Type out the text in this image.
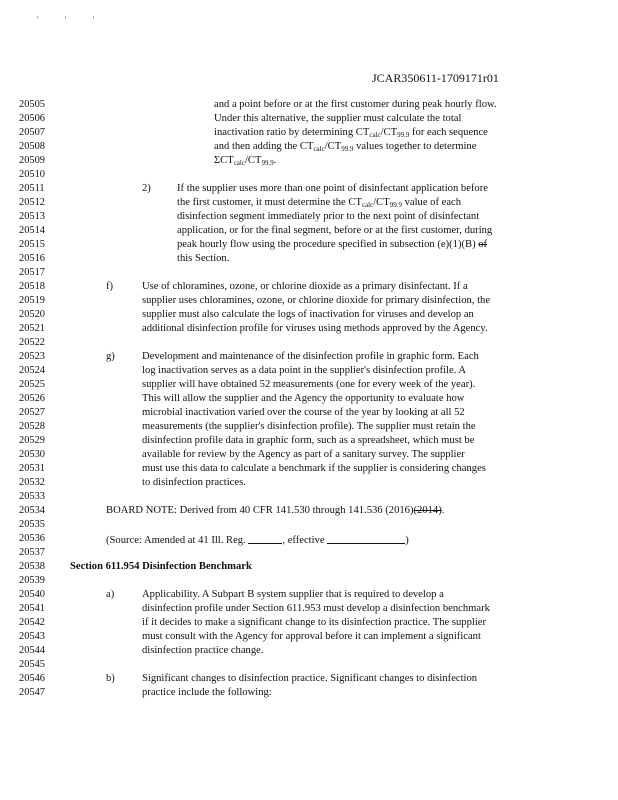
' ' '
JCAR350611-1709171r01
20505	and a point before or at the first customer during peak hourly flow.
20506	Under this alternative, the supplier must calculate the total
20507	inactivation ratio by determining $CT_{calc}/CT_{99.9}$ for each sequence
20508	and then adding the $CT_{calc}/CT_{99.9}$ values together to determine
20509	$\Sigma CT_{calc}/CT_{99.9}$.
20510
20511	2) If the supplier uses more than one point of disinfectant application before
20512	the first customer, it must determine the $CT_{calc}/CT_{99.9}$ value of each
20513	disinfection segment immediately prior to the next point of disinfectant
20514	application, or for the final segment, before or at the first customer, during
20515	peak hourly flow using the procedure specified in subsection (e)(1)(B) of
20516	this Section.
20517
20518	f)	Use of chloramines, ozone, or chlorine dioxide as a primary disinfectant. If a
20519	supplier uses chloramines, ozone, or chlorine dioxide for primary disinfection, the
20520	supplier must also calculate the logs of inactivation for viruses and develop an
20521	additional disinfection profile for viruses using methods approved by the Agency.
20522
20523	g)	Development and maintenance of the disinfection profile in graphic form. Each
20524	log inactivation serves as a data point in the supplier's disinfection profile. A
20525	supplier will have obtained 52 measurements (one for every week of the year).
20526	This will allow the supplier and the Agency the opportunity to evaluate how
20527	microbial inactivation varied over the course of the year by looking at all 52
20528	measurements (the supplier's disinfection profile). The supplier must retain the
20529	disinfection profile data in graphic form, such as a spreadsheet, which must be
20530	available for review by the Agency as part of a sanitary survey. The supplier
20531	must use this data to calculate a benchmark if the supplier is considering changes
20532	to disinfection practices.
20533
20534	BOARD NOTE: Derived from 40 CFR 141.530 through 141.536 (2016)(2014).
20535
20536	(Source: Amended at 41 Ill. Reg.	, effective	)
20537
20538	Section 611.954 Disinfection Benchmark
20539
20540	a)	Applicability. A Subpart B system supplier that is required to develop a
20541	disinfection profile under Section 611.953 must develop a disinfection benchmark
20542	if it decides to make a significant change to its disinfection practice. The supplier
20543	must consult with the Agency for approval before it can implement a significant
20544	disinfection practice change.
20545
20546	b)	Significant changes to disinfection practice. Significant changes to disinfection
20547	practice include the following:
